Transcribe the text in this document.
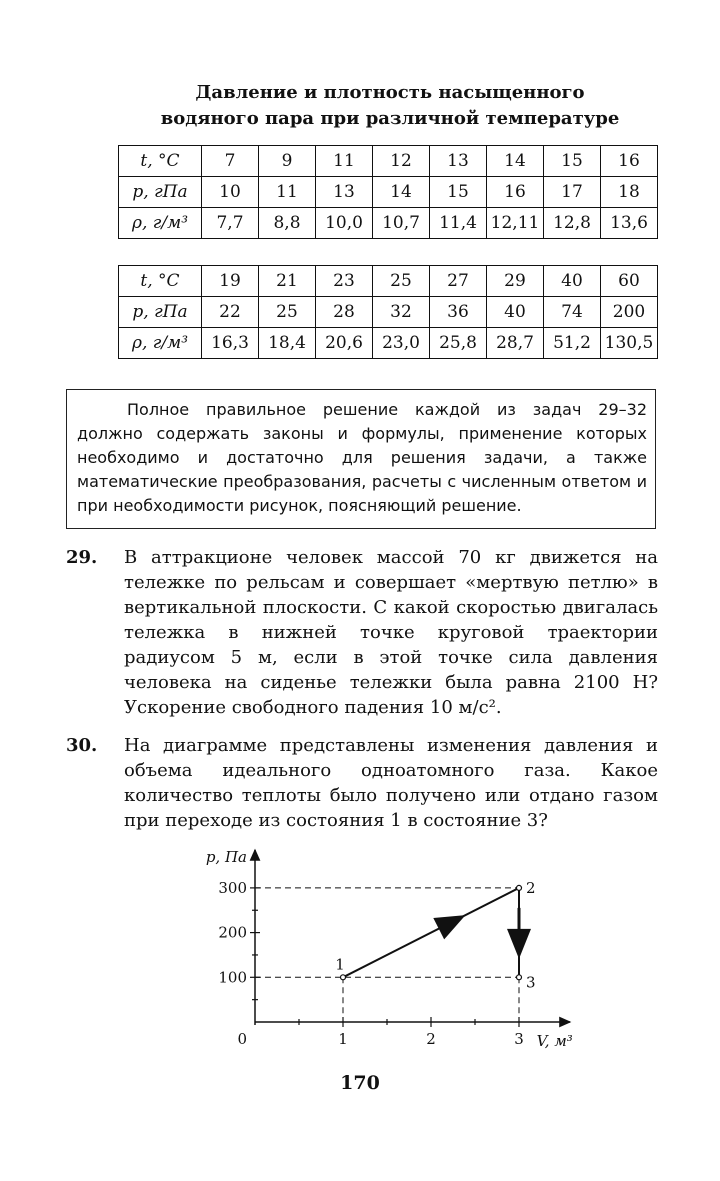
Давление и плотность насыщенного
водяного пара при различной температуре
t, °C	7	9	11	12	13	14	15	16
p, гПа	10	11	13	14	15	16	17	18
ρ, г/м³	7,7	8,8	10,0	10,7	11,4	12,11	12,8	13,6
t, °C	19	21	23	25	27	29	40	60
p, гПа	22	25	28	32	36	40	74	200
ρ, г/м³	16,3	18,4	20,6	23,0	25,8	28,7	51,2	130,5
Полное правильное решение каждой из задач 29–32 должно содержать законы и формулы, применение которых необходимо и достаточно для решения задачи, а также математические преобразования, расчеты с численным ответом и при необходимости рисунок, поясняющий решение.
29. В аттракционе человек массой 70 кг движется на тележке по рельсам и совершает «мертвую петлю» в вертикальной плоскости. С какой скоростью двигалась тележка в нижней точке круговой траектории радиусом 5 м, если в этой точке сила давления человека на сиденье тележки была равна 2100 Н? Ускорение свободного падения 10 м/с².
30. На диаграмме представлены изменения давления и объема идеального одноатомного газа. Какое количество теплоты было получено или отдано газом при переходе из состояния 1 в состояние 3?
100
200
300
1	2	3
0
p, Па
V, м³
1
2
3
170
